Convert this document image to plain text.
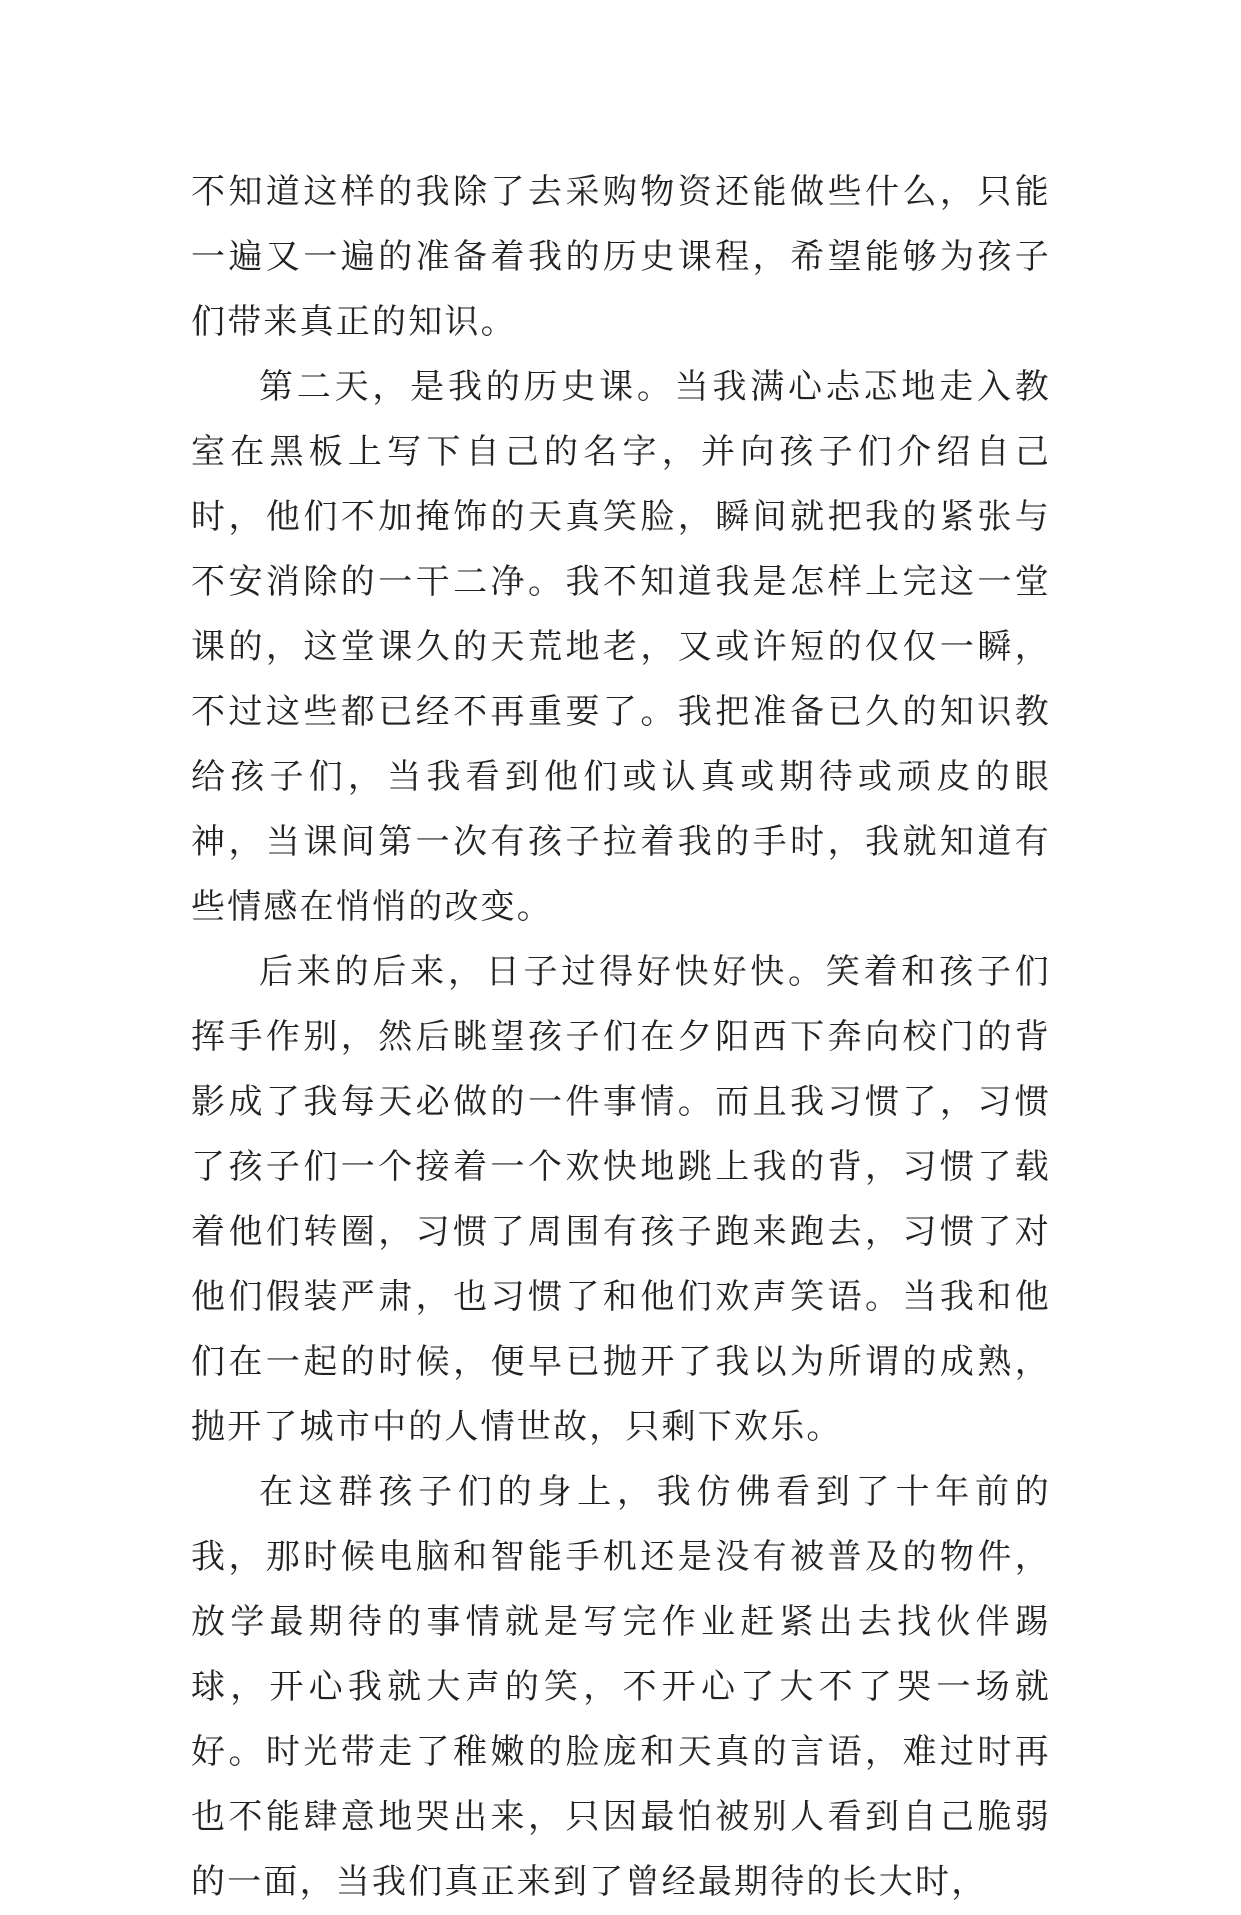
不知道这样的我除了去采购物资还能做些什么，只能一遍又一遍的准备着我的历史课程，希望能够为孩子们带来真正的知识。

第二天，是我的历史课。当我满心忐忑地走入教室在黑板上写下自己的名字，并向孩子们介绍自己时，他们不加掩饰的天真笑脸，瞬间就把我的紧张与不安消除的一干二净。我不知道我是怎样上完这一堂课的，这堂课久的天荒地老，又或许短的仅仅一瞬，不过这些都已经不再重要了。我把准备已久的知识教给孩子们，当我看到他们或认真或期待或顽皮的眼神，当课间第一次有孩子拉着我的手时，我就知道有些情感在悄悄的改变。

后来的后来，日子过得好快好快。笑着和孩子们挥手作别，然后眺望孩子们在夕阳西下奔向校门的背影成了我每天必做的一件事情。而且我习惯了，习惯了孩子们一个接着一个欢快地跳上我的背，习惯了载着他们转圈，习惯了周围有孩子跑来跑去，习惯了对他们假装严肃，也习惯了和他们欢声笑语。当我和他们在一起的时候，便早已抛开了我以为所谓的成熟，抛开了城市中的人情世故，只剩下欢乐。

在这群孩子们的身上，我仿佛看到了十年前的我，那时候电脑和智能手机还是没有被普及的物件，放学最期待的事情就是写完作业赶紧出去找伙伴踢球，开心我就大声的笑，不开心了大不了哭一场就好。时光带走了稚嫩的脸庞和天真的言语，难过时再也不能肆意地哭出来，只因最怕被别人看到自己脆弱的一面，当我们真正来到了曾经最期待的长大时，
